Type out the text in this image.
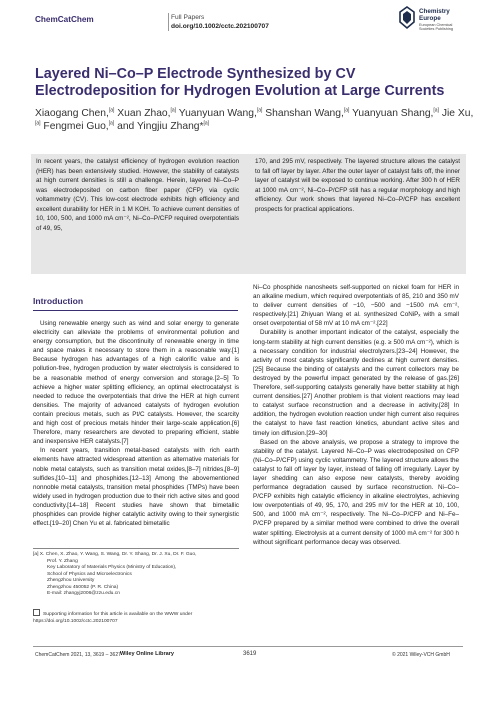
ChemCatChem	Full Papers
doi.org/10.1002/cctc.202100707
Chemistry
Europe
European Chemical
Societies Publishing
Layered Ni–Co–P Electrode Synthesized by CV Electrodeposition for Hydrogen Evolution at Large Currents
Xiaogang Chen,[a] Xuan Zhao,[a] Yuanyuan Wang,[a] Shanshan Wang,[a] Yuanyuan Shang,[a] Jie Xu,[a] Fengmei Guo,[a] and Yingjiu Zhang*[a]
In recent years, the catalyst efficiency of hydrogen evolution reaction (HER) has been extensively studied. However, the stability of catalysts at high current densities is still a challenge. Herein, layered Ni–Co–P was electrodeposited on carbon fiber paper (CFP) via cyclic voltammetry (CV). This low-cost electrode exhibits high efficiency and excellent durability for HER in 1 M KOH. To achieve current densities of 10, 100, 500, and 1000 mA cm⁻², Ni–Co–P/CFP required overpotentials of 49, 95,
170, and 295 mV, respectively. The layered structure allows the catalyst to fall off layer by layer. After the outer layer of catalyst falls off, the inner layer of catalyst will be exposed to continue working. After 300 h of HER at 1000 mA cm⁻², Ni–Co–P/CFP still has a regular morphology and high efficiency. Our work shows that layered Ni–Co–P/CFP has excellent prospects for practical applications.
Introduction

Using renewable energy such as wind and solar energy to generate electricity can alleviate the problems of environmental pollution and energy consumption, but the discontinuity of renewable energy in time and space makes it necessary to store them in a reasonable way.[1] Because hydrogen has advantages of a high calorific value and is pollution-free, hydrogen production by water electrolysis is considered to be a reasonable method of energy conversion and storage.[2–5] To achieve a higher water splitting efficiency, an optimal electrocatalyst is needed to reduce the overpotentials that drive the HER at high current densities. The majority of advanced catalysts of hydrogen evolution contain precious metals, such as Pt/C catalysts. However, the scarcity and high cost of precious metals hinder their large-scale application.[6] Therefore, many researchers are devoted to preparing efficient, stable and inexpensive HER catalysts.[7]

In recent years, transition metal-based catalysts with rich earth elements have attracted widespread attention as alternative materials for noble metal catalysts, such as transition metal oxides,[8–7] nitrides,[8–9] sulfides,[10–11] and phosphides.[12–13] Among the abovementioned nonnoble metal catalysts, transition metal phosphides (TMPs) have been widely used in hydrogen production due to their rich active sites and good conductivity.[14–18] Recent studies have shown that bimetallic phosphides can provide higher catalytic activity owing to their synergistic effect.[19–20] Chen Yu et al. fabricated bimetallic

Ni–Co phosphide nanosheets self-supported on nickel foam for HER in an alkaline medium, which required overpotentials of 85, 210 and 350 mV to deliver current densities of −10, −500 and −1500 mA cm⁻², respectively.[21] Zhiyuan Wang et al. synthesized CoNiPₓ with a small onset overpotential of 58 mV at 10 mA cm⁻².[22]

Durability is another important indicator of the catalyst, especially the long-term stability at high current densities (e.g. ≥ 500 mA cm⁻²), which is a necessary condition for industrial electrolyzers.[23–24] However, the activity of most catalysts significantly declines at high current densities.[25] Because the binding of catalysts and the current collectors may be destroyed by the powerful impact generated by the release of gas.[26] Therefore, self-supporting catalysts generally have better stability at high current densities.[27] Another problem is that violent reactions may lead to catalyst surface reconstruction and a decrease in activity.[28] In addition, the hydrogen evolution reaction under high current also requires the catalyst to have fast reaction kinetics, abundant active sites and timely ion diffusion.[29–30]

Based on the above analysis, we propose a strategy to improve the stability of the catalyst. Layered Ni–Co–P was electrodeposited on CFP (Ni–Co–P/CFP) using cyclic voltammetry. The layered structure allows the catalyst to fall off layer by layer, instead of falling off irregularly. Layer by layer shedding can also expose new catalysts, thereby avoiding performance degradation caused by surface reconstruction. Ni–Co–P/CFP exhibits high catalytic efficiency in alkaline electrolytes, achieving low overpotentials of 49, 95, 170, and 295 mV for the HER at 10, 100, 500, and 1000 mA cm⁻², respectively. The Ni–Co–P/CFP and Ni–Fe–P/CFP prepared by a similar method were combined to drive the overall water splitting. Electrolysis at a current density of 1000 mA cm⁻² for 300 h without significant performance decay was observed.

[a] X. Chen, X. Zhao, Y. Wang, S. Wang, Dr. Y. Shang, Dr. J. Xu, Dr. F. Guo,
Prof. Y. Zhang
Key Laboratory of Materials Physics (Ministry of Education),
School of Physics and Microelectronics
Zhengzhou University
Zhengzhou 450052 (P. R. China)
E-mail: zhangyj2006@zzu.edu.cn
Supporting information for this article is available on the WWW under https://doi.org/10.1002/cctc.202100707
ChemCatChem 2021, 13, 3619 – 3627 Wiley Online Library	3619	© 2021 Wiley-VCH GmbH
